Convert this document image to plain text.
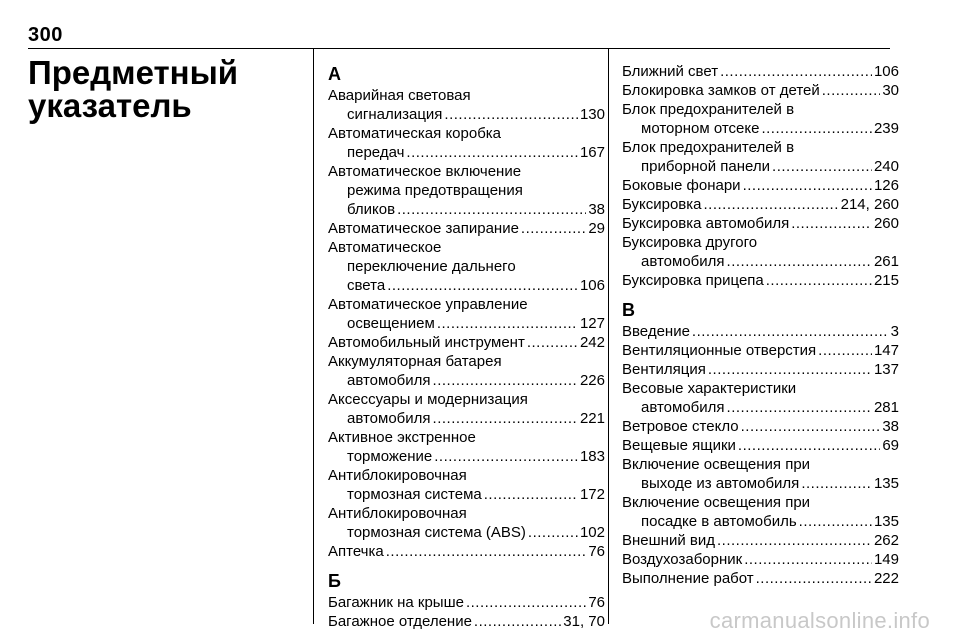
300
Предметный
указатель
А
Аварийная световая
сигнализация .....	130
Автоматическая коробка
передач .....	167
Автоматическое включение
режима предотвращения
бликов .....	38
Автоматическое запирание .....	29
Автоматическое
переключение дальнего
света .....	106
Автоматическое управление
освещением .....	127
Автомобильный инструмент .....	242
Аккумуляторная батарея
автомобиля .....	226
Аксессуары и модернизация
автомобиля .....	221
Активное экстренное
торможение .....	183
Антиблокировочная
тормозная система .....	172
Антиблокировочная
тормозная система (ABS) .....	102
Аптечка .....	76
Б
Багажник на крыше .....	76
Багажное отделение .....	31, 70
Ближний свет .....	106
Блокировка замков от детей .....	30
Блок предохранителей в
моторном отсеке .....	239
Блок предохранителей в
приборной панели .....	240
Боковые фонари .....	126
Буксировка .....	214, 260
Буксировка автомобиля .....	260
Буксировка другого
автомобиля .....	261
Буксировка прицепа .....	215
В
Введение .....	3
Вентиляционные отверстия .....	147
Вентиляция .....	137
Весовые характеристики
автомобиля .....	281
Ветровое стекло .....	38
Вещевые ящики .....	69
Включение освещения при
выходе из автомобиля .....	135
Включение освещения при
посадке в автомобиль .....	135
Внешний вид .....	262
Воздухозаборник .....	149
Выполнение работ .....	222
carmanualsonline.info
